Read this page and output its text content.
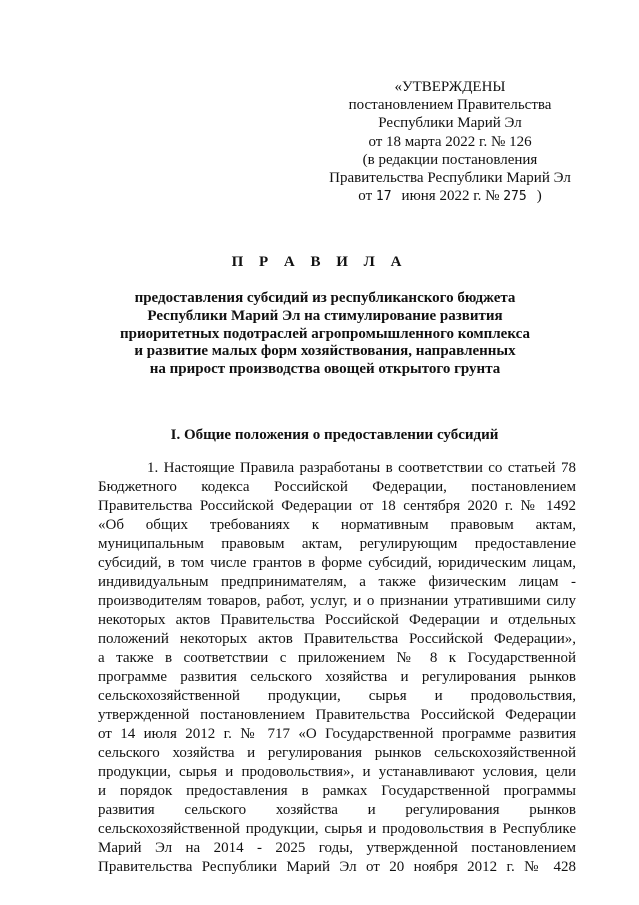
«УТВЕРЖДЕНЫ
постановлением Правительства
Республики Марий Эл
от 18 марта 2022 г. № 126
(в редакции постановления
Правительства Республики Марий Эл
от 17 июня 2022 г. № 275 )
П Р А В И Л А
предоставления субсидий из республиканского бюджета
Республики Марий Эл на стимулирование развития
приоритетных подотраслей агропромышленного комплекса
и развитие малых форм хозяйствования, направленных
на прирост производства овощей открытого грунта
I. Общие положения о предоставлении субсидий
1. Настоящие Правила разработаны в соответствии со статьей 78
Бюджетного кодекса Российской Федерации, постановлением
Правительства Российской Федерации от 18 сентября 2020 г. № 1492
«Об общих требованиях к нормативным правовым актам,
муниципальным правовым актам, регулирующим предоставление
субсидий, в том числе грантов в форме субсидий, юридическим лицам,
индивидуальным предпринимателям, а также физическим лицам -
производителям товаров, работ, услуг, и о признании утратившими силу
некоторых актов Правительства Российской Федерации и отдельных
положений некоторых актов Правительства Российской Федерации»,
а также в соответствии с приложением № 8 к Государственной
программе развития сельского хозяйства и регулирования рынков
сельскохозяйственной продукции, сырья и продовольствия,
утвержденной постановлением Правительства Российской Федерации
от 14 июля 2012 г. № 717 «О Государственной программе развития
сельского хозяйства и регулирования рынков сельскохозяйственной
продукции, сырья и продовольствия», и устанавливают условия, цели
и порядок предоставления в рамках Государственной программы
развития сельского хозяйства и регулирования рынков
сельскохозяйственной продукции, сырья и продовольствия в Республике
Марий Эл на 2014 - 2025 годы, утвержденной постановлением
Правительства Республики Марий Эл от 20 ноября 2012 г. № 428
